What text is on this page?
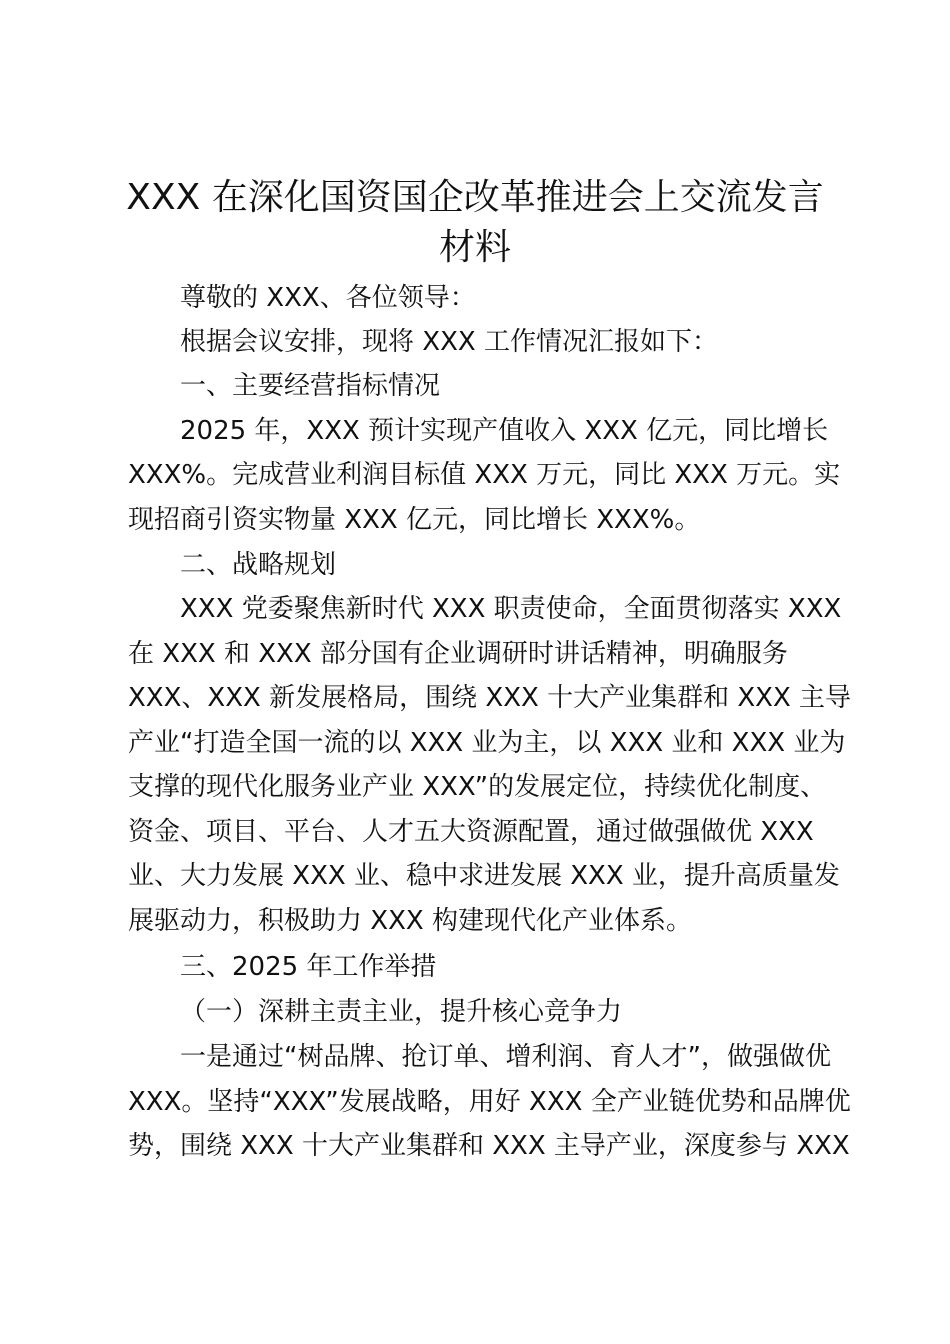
XXX 在深化国资国企改革推进会上交流发言
材料

尊敬的 XXX、各位领导：

根据会议安排，现将 XXX 工作情况汇报如下：

一、主要经营指标情况

2025 年，XXX 预计实现产值收入 XXX 亿元，同比增长

XXX%。完成营业利润目标值 XXX 万元，同比 XXX 万元。实

现招商引资实物量 XXX 亿元，同比增长 XXX%。

二、战略规划

XXX 党委聚焦新时代 XXX 职责使命，全面贯彻落实 XXX

在 XXX 和 XXX 部分国有企业调研时讲话精神，明确服务

XXX、XXX 新发展格局，围绕 XXX 十大产业集群和 XXX 主导

产业“打造全国一流的以 XXX 业为主，以 XXX 业和 XXX 业为

支撑的现代化服务业产业 XXX”的发展定位，持续优化制度、

资金、项目、平台、人才五大资源配置，通过做强做优 XXX

业、大力发展 XXX 业、稳中求进发展 XXX 业，提升高质量发

展驱动力，积极助力 XXX 构建现代化产业体系。

三、2025 年工作举措

（一）深耕主责主业，提升核心竞争力

一是通过“树品牌、抢订单、增利润、育人才”，做强做优

XXX。坚持“XXX”发展战略，用好 XXX 全产业链优势和品牌优

势，围绕 XXX 十大产业集群和 XXX 主导产业，深度参与 XXX
